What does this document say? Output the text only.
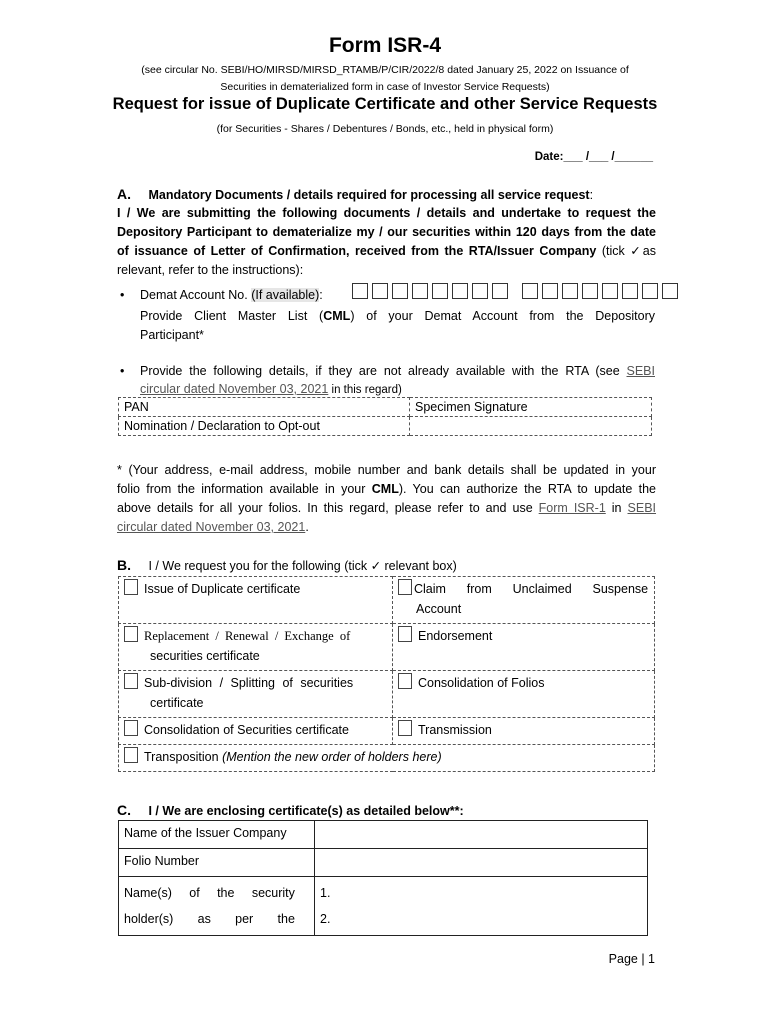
Form ISR-4
(see circular No. SEBI/HO/MIRSD/MIRSD_RTAMB/P/CIR/2022/8 dated January 25, 2022 on Issuance of
Securities in dematerialized form in case of Investor Service Requests)
Request for issue of Duplicate Certificate and other Service Requests
(for Securities - Shares / Debentures / Bonds, etc., held in physical form)
Date:___ /___ /______
A. Mandatory Documents / details required for processing all service request:
I / We are submitting the following documents / details and undertake to request the
Depository Participant to dematerialize my / our securities within 120 days from the date
of issuance of Letter of Confirmation, received from the RTA/Issuer Company (tick ✓as
relevant, refer to the instructions):
• Demat Account No. (If available):
Provide Client Master List (CML) of your Demat Account from the Depository
Participant*
• Provide the following details, if they are not already available with the RTA (see SEBI
circular dated November 03, 2021 in this regard)
PAN	Specimen Signature
Nomination / Declaration to Opt-out	
* (Your address, e-mail address, mobile number and bank details shall be updated in your
folio from the information available in your CML). You can authorize the RTA to update the
above details for all your folios. In this regard, please refer to and use Form ISR-1 in SEBI
circular dated November 03, 2021.
B. I / We request you for the following (tick ✓ relevant box)
Issue of Duplicate certificate	Claim      from      Unclaimed      Suspense
Account
Replacement / Renewal / Exchange of
securities certificate	Endorsement
Sub-division / Splitting of securities
certificate	Consolidation of Folios
Consolidation of Securities certificate	Transmission
Transposition (Mention the new order of holders here)	
C. I / We are enclosing certificate(s) as detailed below**:
Name of the Issuer Company	
Folio Number	
Name(s)     of     the     security
holder(s)       as       per       the	1.
2.
Page | 1
